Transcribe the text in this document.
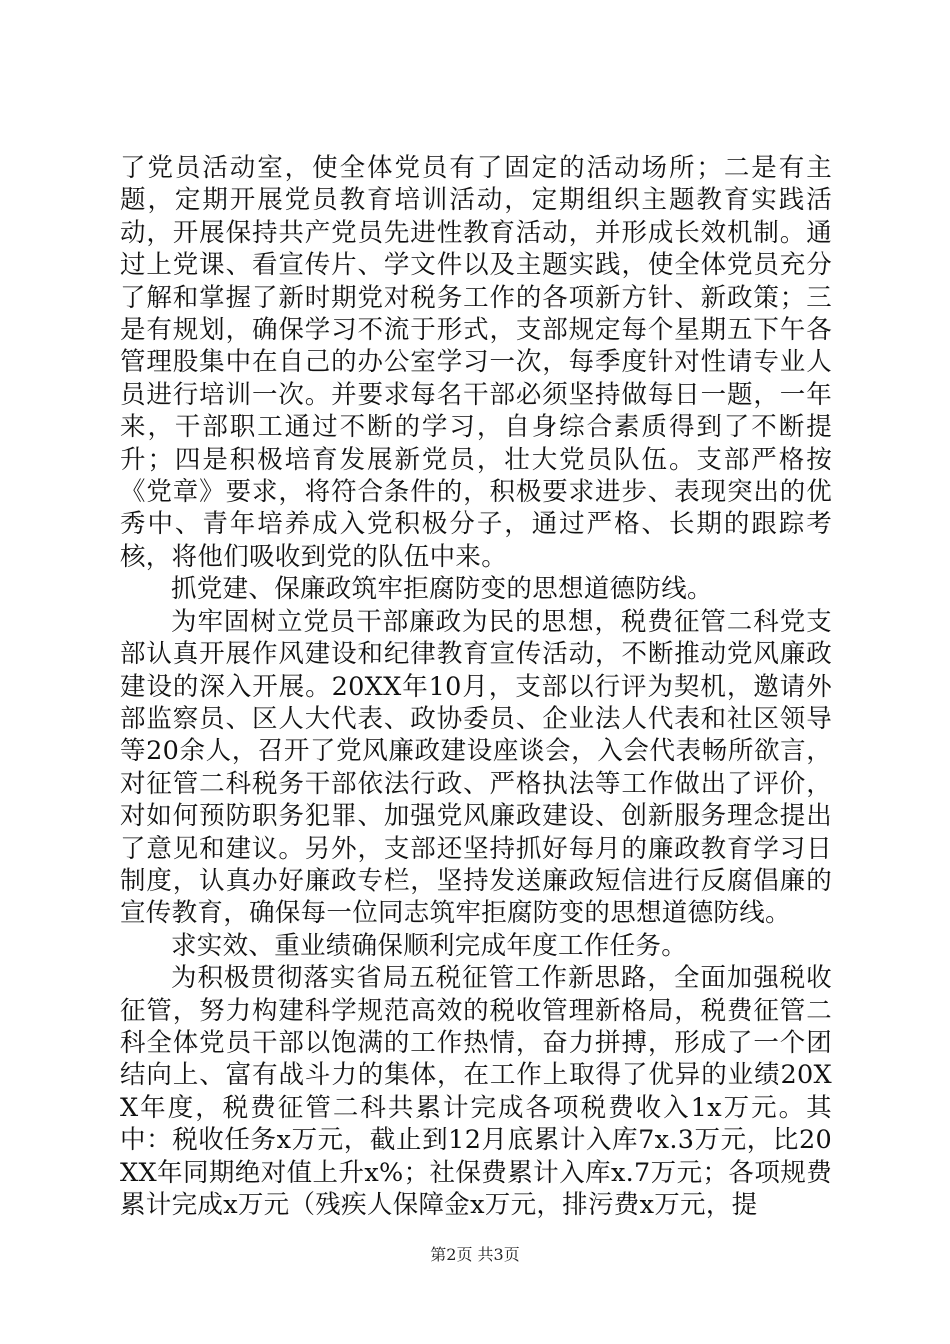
了党员活动室，使全体党员有了固定的活动场所；二是有主题，定期开展党员教育培训活动，定期组织主题教育实践活动，开展保持共产党员先进性教育活动，并形成长效机制。通过上党课、看宣传片、学文件以及主题实践，使全体党员充分了解和掌握了新时期党对税务工作的各项新方针、新政策；三是有规划，确保学习不流于形式，支部规定每个星期五下午各管理股集中在自己的办公室学习一次，每季度针对性请专业人员进行培训一次。并要求每名干部必须坚持做每日一题，一年来，干部职工通过不断的学习，自身综合素质得到了不断提升；四是积极培育发展新党员，壮大党员队伍。支部严格按《党章》要求，将符合条件的，积极要求进步、表现突出的优秀中、青年培养成入党积极分子，通过严格、长期的跟踪考核，将他们吸收到党的队伍中来。

抓党建、保廉政筑牢拒腐防变的思想道德防线。

为牢固树立党员干部廉政为民的思想，税费征管二科党支部认真开展作风建设和纪律教育宣传活动，不断推动党风廉政建设的深入开展。20XX年10月，支部以行评为契机，邀请外部监察员、区人大代表、政协委员、企业法人代表和社区领导等20余人，召开了党风廉政建设座谈会，入会代表畅所欲言，对征管二科税务干部依法行政、严格执法等工作做出了评价，对如何预防职务犯罪、加强党风廉政建设、创新服务理念提出了意见和建议。另外，支部还坚持抓好每月的廉政教育学习日制度，认真办好廉政专栏，坚持发送廉政短信进行反腐倡廉的宣传教育，确保每一位同志筑牢拒腐防变的思想道德防线。

求实效、重业绩确保顺利完成年度工作任务。

为积极贯彻落实省局五税征管工作新思路，全面加强税收征管，努力构建科学规范高效的税收管理新格局，税费征管二科全体党员干部以饱满的工作热情，奋力拼搏，形成了一个团结向上、富有战斗力的集体，在工作上取得了优异的业绩20XX年度，税费征管二科共累计完成各项税费收入1x万元。其中：税收任务x万元，截止到12月底累计入库7x.3万元，比20XX年同期绝对值上升x%；社保费累计入库x.7万元；各项规费累计完成x万元（残疾人保障金x万元，排污费x万元，提

第2页 共3页
